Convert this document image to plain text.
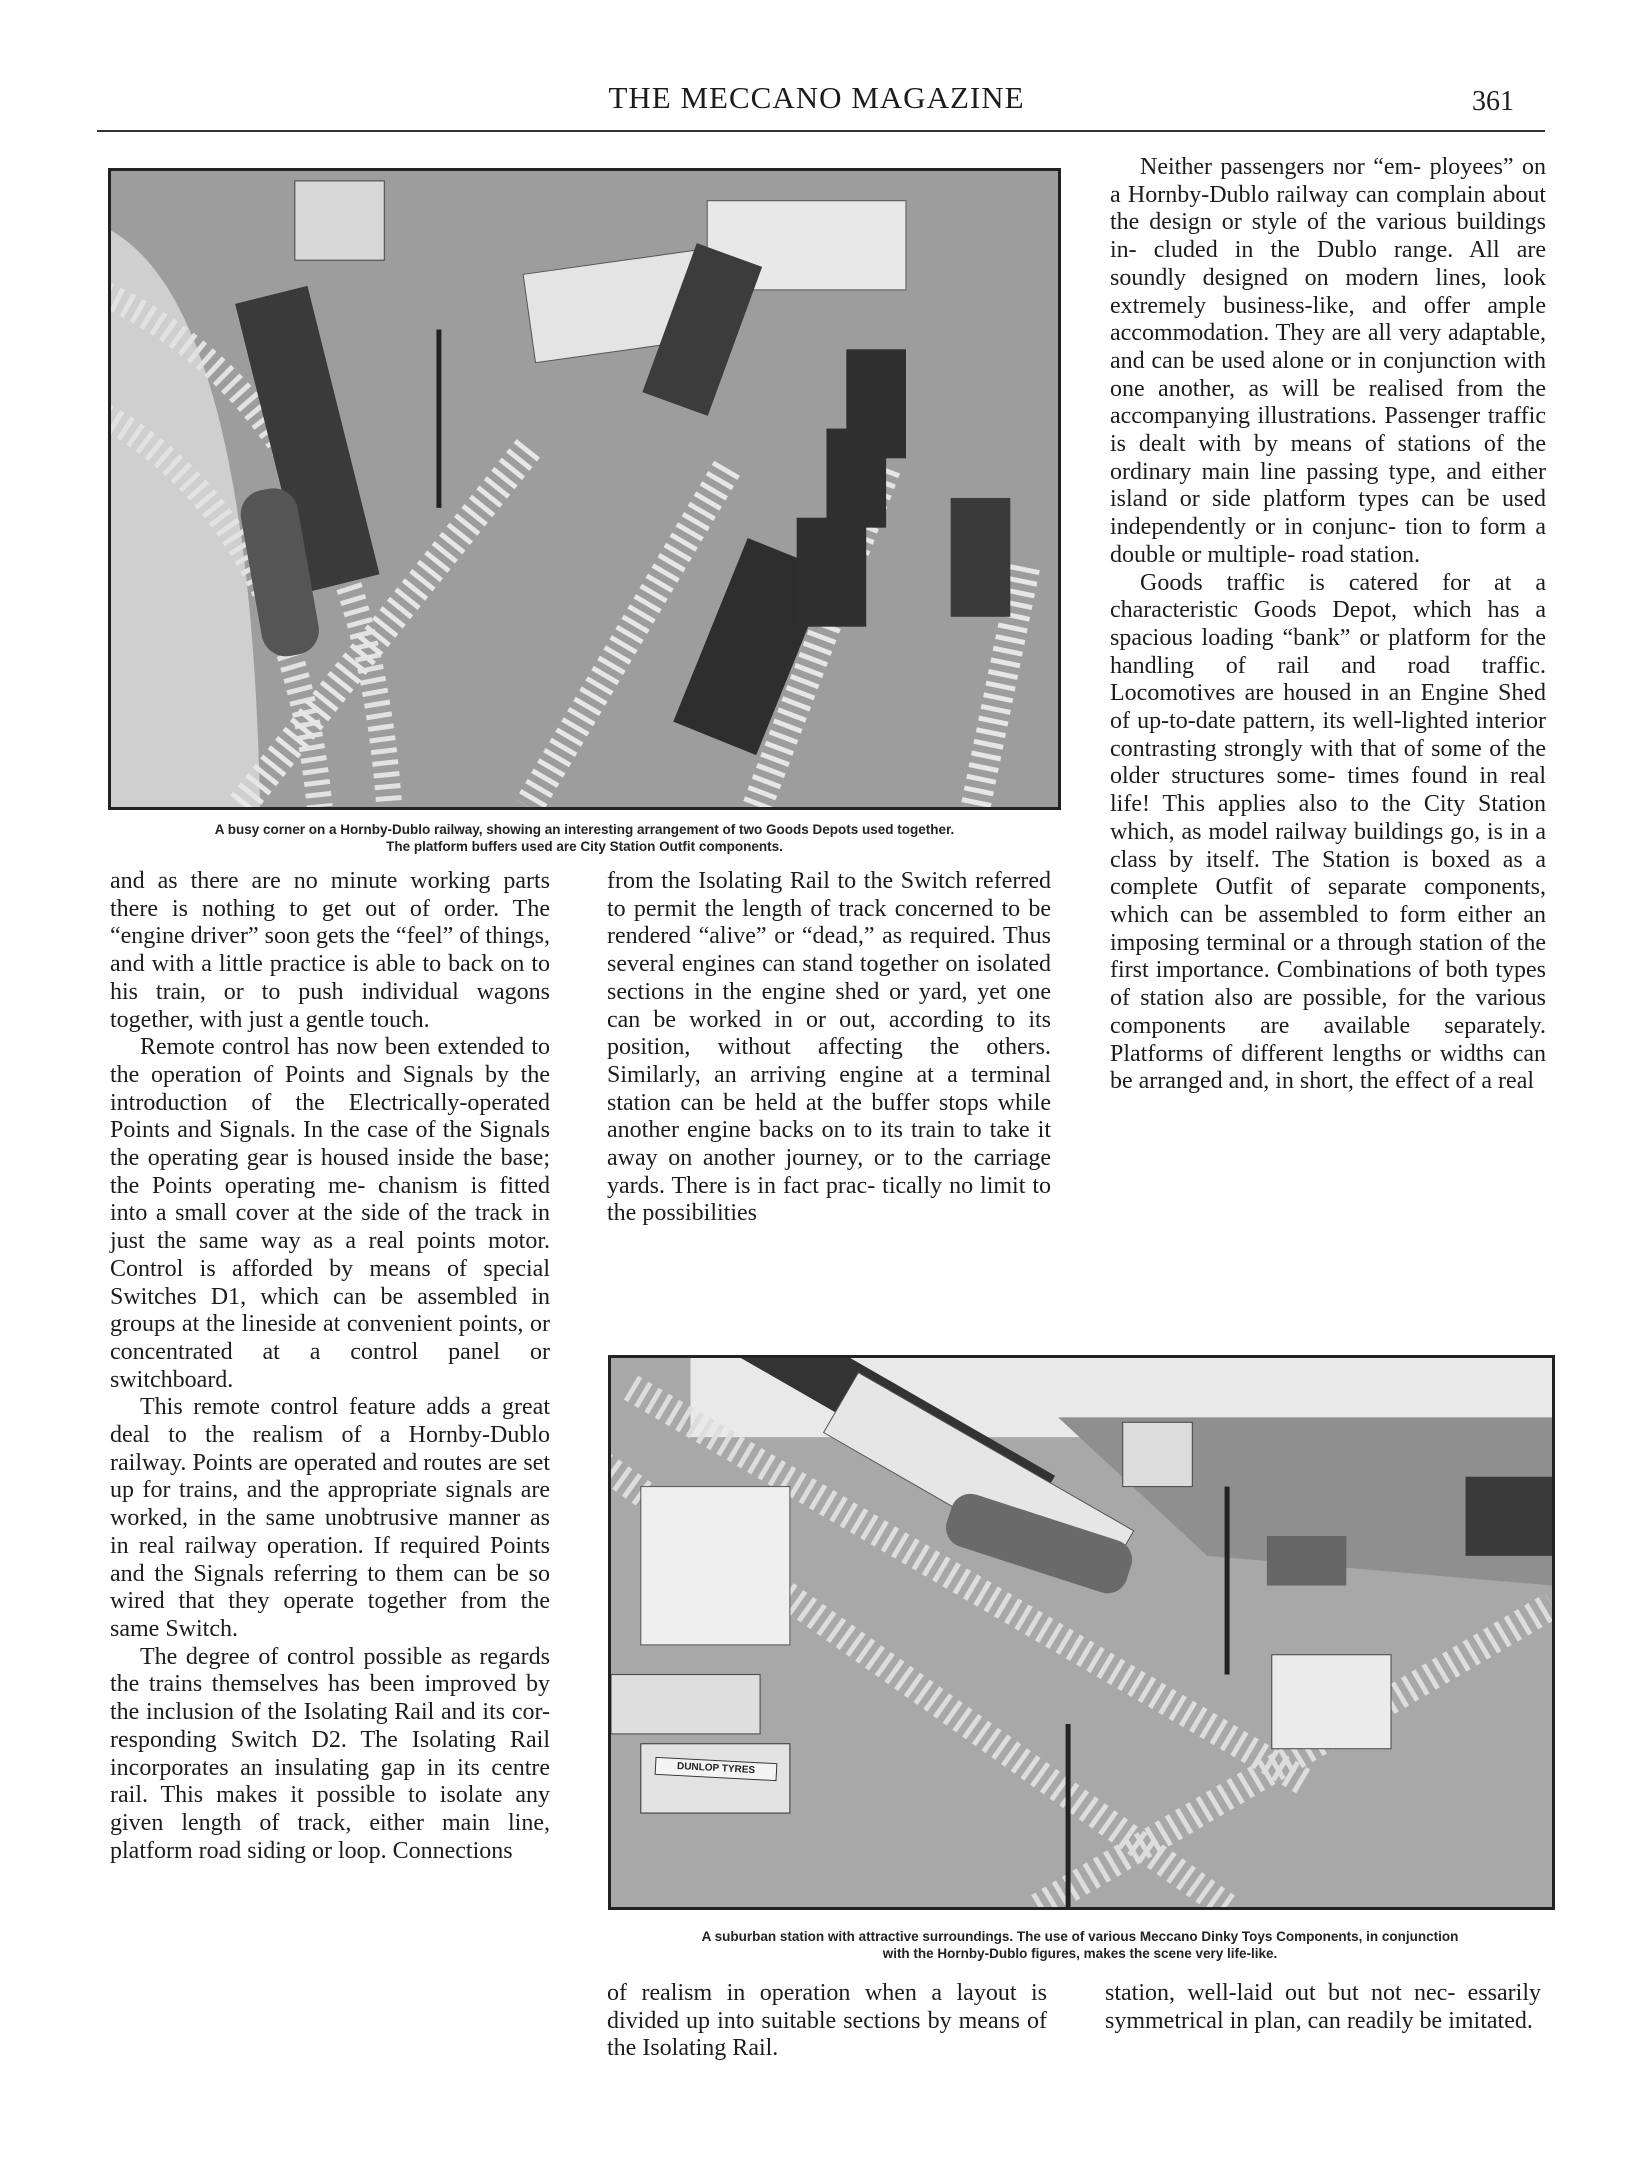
THE MECCANO MAGAZINE	361
A busy corner on a Hornby-Dublo railway, showing an interesting arrangement of two Goods Depots used together.
The platform buffers used are City Station Outfit components.

and as there are no minute working parts there is nothing to get out of order. The “engine driver” soon gets the “feel” of things, and with a little practice is able to back on to his train, or to push individual wagons together, with just a gentle touch.

Remote control has now been extended to the operation of Points and Signals by the introduction of the Electrically-operated Points and Signals. In the case of the Signals the operating gear is housed inside the base; the Points operating me- chanism is fitted into a small cover at the side of the track in just the same way as a real points motor. Control is afforded by means of special Switches D1, which can be assembled in groups at the lineside at convenient points, or concentrated at a control panel or switchboard.

This remote control feature adds a great deal to the realism of a Hornby-Dublo railway. Points are operated and routes are set up for trains, and the appropriate signals are worked, in the same unobtrusive manner as in real railway operation. If required Points and the Signals referring to them can be so wired that they operate together from the same Switch.

The degree of control possible as regards the trains themselves has been improved by the inclusion of the Isolating Rail and its cor- responding Switch D2. The Isolating Rail incorporates an insulating gap in its centre rail. This makes it possible to isolate any given length of track, either main line, platform road siding or loop. Connections

from the Isolating Rail to the Switch referred to permit the length of track concerned to be rendered “alive” or “dead,” as required. Thus several engines can stand together on isolated sections in the engine shed or yard, yet one can be worked in or out, according to its position, without affecting the others. Similarly, an arriving engine at a terminal station can be held at the buffer stops while another engine backs on to its train to take it away on another journey, or to the carriage yards. There is in fact prac- tically no limit to the possibilities

Neither passengers nor “em- ployees” on a Hornby-Dublo railway can complain about the design or style of the various buildings in- cluded in the Dublo range. All are soundly designed on modern lines, look extremely business-like, and offer ample accommodation. They are all very adaptable, and can be used alone or in conjunction with one another, as will be realised from the accompanying illustrations. Passenger traffic is dealt with by means of stations of the ordinary main line passing type, and either island or side platform types can be used independently or in conjunc- tion to form a double or multiple- road station.

Goods traffic is catered for at a characteristic Goods Depot, which has a spacious loading “bank” or platform for the handling of rail and road traffic. Locomotives are housed in an Engine Shed of up-to-date pattern, its well-lighted interior contrasting strongly with that of some of the older structures some- times found in real life! This applies also to the City Station which, as model railway buildings go, is in a class by itself. The Station is boxed as a complete Outfit of separate components, which can be assembled to form either an imposing terminal or a through station of the first importance. Combinations of both types of station also are possible, for the various components are available separately. Platforms of different lengths or widths can be arranged and, in short, the effect of a real

DUNLOP TYRES
A suburban station with attractive surroundings. The use of various Meccano Dinky Toys Components, in conjunction
with the Hornby-Dublo figures, makes the scene very life-like.

of realism in operation when a layout is divided up into suitable sections by means of the Isolating Rail.

station, well-laid out but not nec- essarily symmetrical in plan, can readily be imitated.
